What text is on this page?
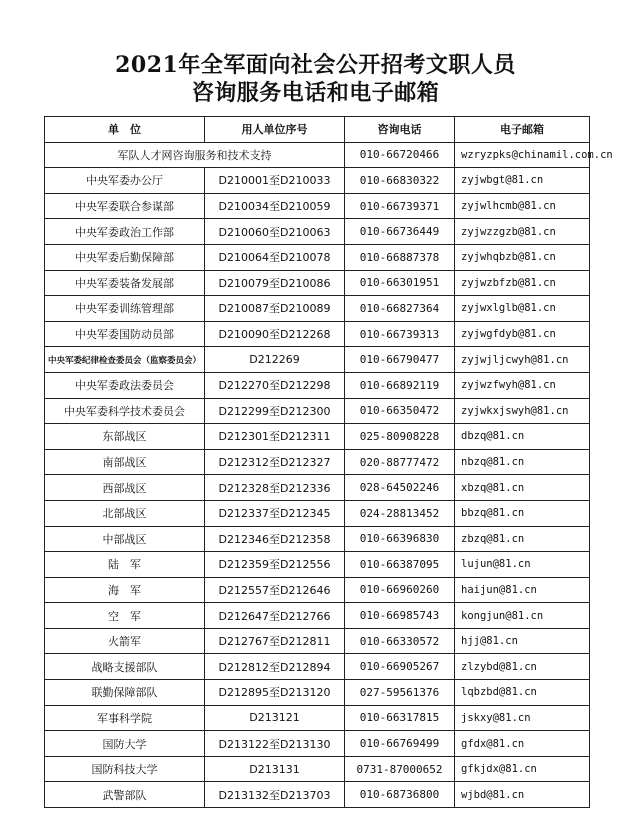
2021年全军面向社会公开招考文职人员
咨询服务电话和电子邮箱
单　位	用人单位序号	咨询电话	电子邮箱
军队人才网咨询服务和技术支持		010-66720466	wzryzpks@chinamil.com.cn
中央军委办公厅	D210001至D210033	010-66830322	zyjwbgt@81.cn
中央军委联合参谋部	D210034至D210059	010-66739371	zyjwlhcmb@81.cn
中央军委政治工作部	D210060至D210063	010-66736449	zyjwzzgzb@81.cn
中央军委后勤保障部	D210064至D210078	010-66887378	zyjwhqbzb@81.cn
中央军委装备发展部	D210079至D210086	010-66301951	zyjwzbfzb@81.cn
中央军委训练管理部	D210087至D210089	010-66827364	zyjwxlglb@81.cn
中央军委国防动员部	D210090至D212268	010-66739313	zyjwgfdyb@81.cn
中央军委纪律检查委员会（监察委员会）	D212269	010-66790477	zyjwjljcwyh@81.cn
中央军委政法委员会	D212270至D212298	010-66892119	zyjwzfwyh@81.cn
中央军委科学技术委员会	D212299至D212300	010-66350472	zyjwkxjswyh@81.cn
东部战区	D212301至D212311	025-80908228	dbzq@81.cn
南部战区	D212312至D212327	020-88777472	nbzq@81.cn
西部战区	D212328至D212336	028-64502246	xbzq@81.cn
北部战区	D212337至D212345	024-28813452	bbzq@81.cn
中部战区	D212346至D212358	010-66396830	zbzq@81.cn
陆　军	D212359至D212556	010-66387095	lujun@81.cn
海　军	D212557至D212646	010-66960260	haijun@81.cn
空　军	D212647至D212766	010-66985743	kongjun@81.cn
火箭军	D212767至D212811	010-66330572	hjj@81.cn
战略支援部队	D212812至D212894	010-66905267	zlzybd@81.cn
联勤保障部队	D212895至D213120	027-59561376	lqbzbd@81.cn
军事科学院	D213121	010-66317815	jskxy@81.cn
国防大学	D213122至D213130	010-66769499	gfdx@81.cn
国防科技大学	D213131	0731-87000652	gfkjdx@81.cn
武警部队	D213132至D213703	010-68736800	wjbd@81.cn
